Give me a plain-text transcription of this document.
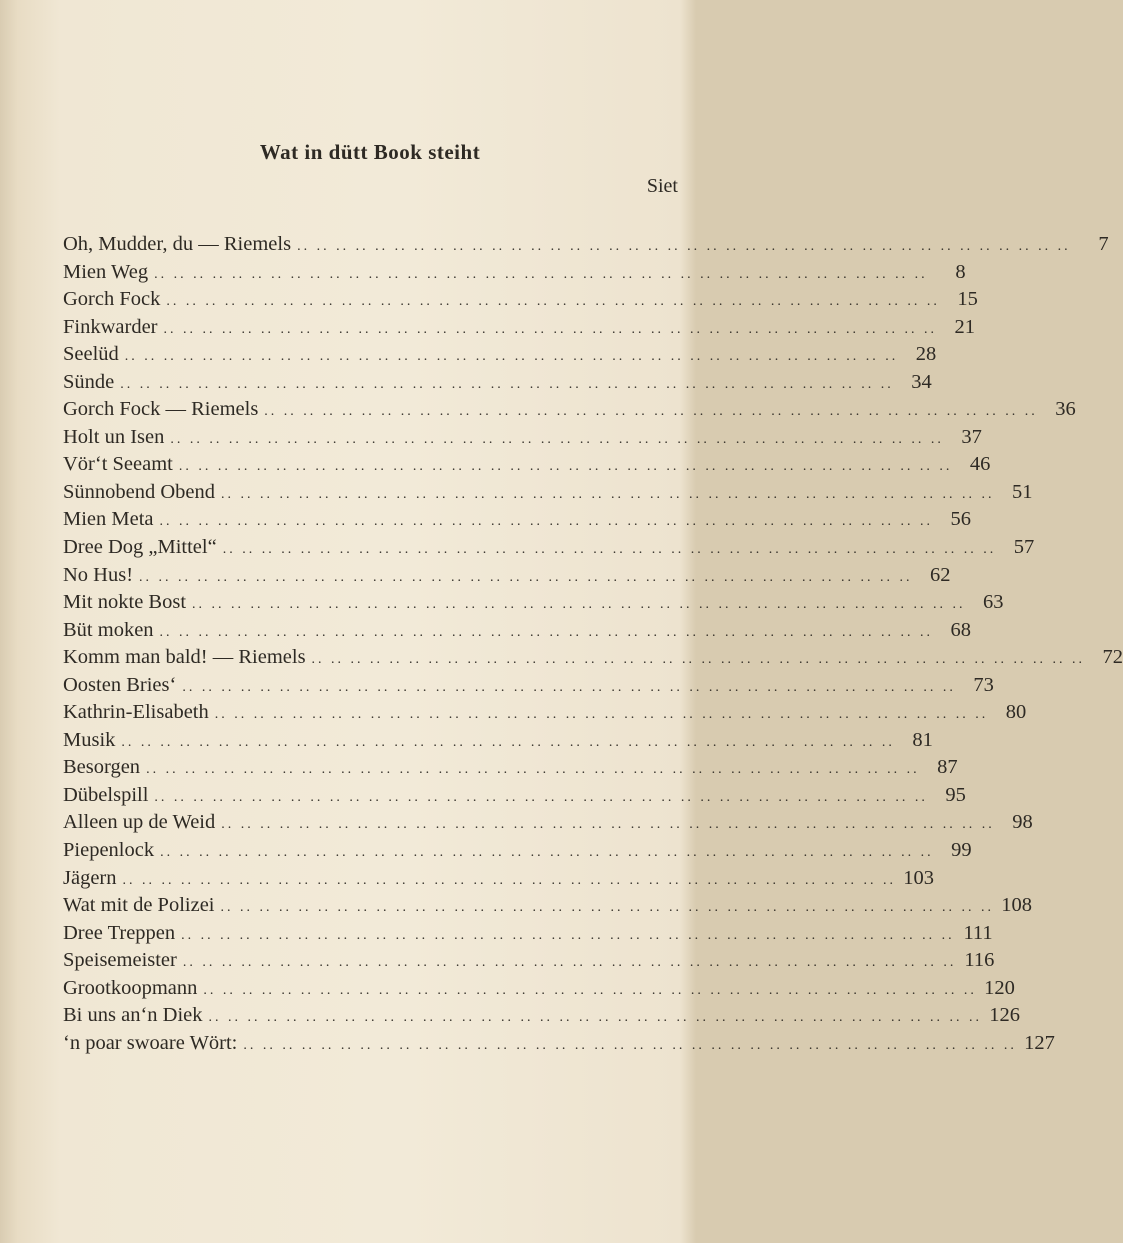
Wat in dütt Book steiht
Siet
Oh, Mudder, du — Riemels .. .. .. .. .. .. .. .. .. .. .. .. .. .. .. .. .. .. .. .. .. .. .. .. .. .. .. .. .. .. .. .. .. .. .. .. .. .. .. ..	7
Mien Weg .. .. .. .. .. .. .. .. .. .. .. .. .. .. .. .. .. .. .. .. .. .. .. .. .. .. .. .. .. .. .. .. .. .. .. .. .. .. .. ..	8
Gorch Fock .. .. .. .. .. .. .. .. .. .. .. .. .. .. .. .. .. .. .. .. .. .. .. .. .. .. .. .. .. .. .. .. .. .. .. .. .. .. .. .. 15
Finkwarder .. .. .. .. .. .. .. .. .. .. .. .. .. .. .. .. .. .. .. .. .. .. .. .. .. .. .. .. .. .. .. .. .. .. .. .. .. .. .. .. 21
Seelüd .. .. .. .. .. .. .. .. .. .. .. .. .. .. .. .. .. .. .. .. .. .. .. .. .. .. .. .. .. .. .. .. .. .. .. .. .. .. .. .. 28
Sünde .. .. .. .. .. .. .. .. .. .. .. .. .. .. .. .. .. .. .. .. .. .. .. .. .. .. .. .. .. .. .. .. .. .. .. .. .. .. .. .. 34
Gorch Fock — Riemels .. .. .. .. .. .. .. .. .. .. .. .. .. .. .. .. .. .. .. .. .. .. .. .. .. .. .. .. .. .. .. .. .. .. .. .. .. .. .. .. 36
Holt un Isen .. .. .. .. .. .. .. .. .. .. .. .. .. .. .. .. .. .. .. .. .. .. .. .. .. .. .. .. .. .. .. .. .. .. .. .. .. .. .. .. 37
Vör‘t Seeamt .. .. .. .. .. .. .. .. .. .. .. .. .. .. .. .. .. .. .. .. .. .. .. .. .. .. .. .. .. .. .. .. .. .. .. .. .. .. .. .. 46
Sünnobend Obend .. .. .. .. .. .. .. .. .. .. .. .. .. .. .. .. .. .. .. .. .. .. .. .. .. .. .. .. .. .. .. .. .. .. .. .. .. .. .. .. 51
Mien Meta .. .. .. .. .. .. .. .. .. .. .. .. .. .. .. .. .. .. .. .. .. .. .. .. .. .. .. .. .. .. .. .. .. .. .. .. .. .. .. .. 56
Dree Dog „Mittel“ .. .. .. .. .. .. .. .. .. .. .. .. .. .. .. .. .. .. .. .. .. .. .. .. .. .. .. .. .. .. .. .. .. .. .. .. .. .. .. .. 57
No Hus! .. .. .. .. .. .. .. .. .. .. .. .. .. .. .. .. .. .. .. .. .. .. .. .. .. .. .. .. .. .. .. .. .. .. .. .. .. .. .. .. 62
Mit nokte Bost .. .. .. .. .. .. .. .. .. .. .. .. .. .. .. .. .. .. .. .. .. .. .. .. .. .. .. .. .. .. .. .. .. .. .. .. .. .. .. .. 63
Büt moken .. .. .. .. .. .. .. .. .. .. .. .. .. .. .. .. .. .. .. .. .. .. .. .. .. .. .. .. .. .. .. .. .. .. .. .. .. .. .. .. 68
Komm man bald! — Riemels .. .. .. .. .. .. .. .. .. .. .. .. .. .. .. .. .. .. .. .. .. .. .. .. .. .. .. .. .. .. .. .. .. .. .. .. .. .. .. .. 72
Oosten Bries‘ .. .. .. .. .. .. .. .. .. .. .. .. .. .. .. .. .. .. .. .. .. .. .. .. .. .. .. .. .. .. .. .. .. .. .. .. .. .. .. .. 73
Kathrin-Elisabeth .. .. .. .. .. .. .. .. .. .. .. .. .. .. .. .. .. .. .. .. .. .. .. .. .. .. .. .. .. .. .. .. .. .. .. .. .. .. .. .. 80
Musik .. .. .. .. .. .. .. .. .. .. .. .. .. .. .. .. .. .. .. .. .. .. .. .. .. .. .. .. .. .. .. .. .. .. .. .. .. .. .. .. 81
Besorgen .. .. .. .. .. .. .. .. .. .. .. .. .. .. .. .. .. .. .. .. .. .. .. .. .. .. .. .. .. .. .. .. .. .. .. .. .. .. .. .. 87
Dübelspill .. .. .. .. .. .. .. .. .. .. .. .. .. .. .. .. .. .. .. .. .. .. .. .. .. .. .. .. .. .. .. .. .. .. .. .. .. .. .. .. 95
Alleen up de Weid .. .. .. .. .. .. .. .. .. .. .. .. .. .. .. .. .. .. .. .. .. .. .. .. .. .. .. .. .. .. .. .. .. .. .. .. .. .. .. .. 98
Piepenlock .. .. .. .. .. .. .. .. .. .. .. .. .. .. .. .. .. .. .. .. .. .. .. .. .. .. .. .. .. .. .. .. .. .. .. .. .. .. .. .. 99
Jägern .. .. .. .. .. .. .. .. .. .. .. .. .. .. .. .. .. .. .. .. .. .. .. .. .. .. .. .. .. .. .. .. .. .. .. .. .. .. .. .. 103
Wat mit de Polizei .. .. .. .. .. .. .. .. .. .. .. .. .. .. .. .. .. .. .. .. .. .. .. .. .. .. .. .. .. .. .. .. .. .. .. .. .. .. .. .. 108
Dree Treppen .. .. .. .. .. .. .. .. .. .. .. .. .. .. .. .. .. .. .. .. .. .. .. .. .. .. .. .. .. .. .. .. .. .. .. .. .. .. .. .. 111
Speisemeister .. .. .. .. .. .. .. .. .. .. .. .. .. .. .. .. .. .. .. .. .. .. .. .. .. .. .. .. .. .. .. .. .. .. .. .. .. .. .. .. 116
Grootkoopmann .. .. .. .. .. .. .. .. .. .. .. .. .. .. .. .. .. .. .. .. .. .. .. .. .. .. .. .. .. .. .. .. .. .. .. .. .. .. .. .. 120
Bi uns an‘n Diek .. .. .. .. .. .. .. .. .. .. .. .. .. .. .. .. .. .. .. .. .. .. .. .. .. .. .. .. .. .. .. .. .. .. .. .. .. .. .. .. 126
‘n poar swoare Wört: .. .. .. .. .. .. .. .. .. .. .. .. .. .. .. .. .. .. .. .. .. .. .. .. .. .. .. .. .. .. .. .. .. .. .. .. .. .. .. .. 127
